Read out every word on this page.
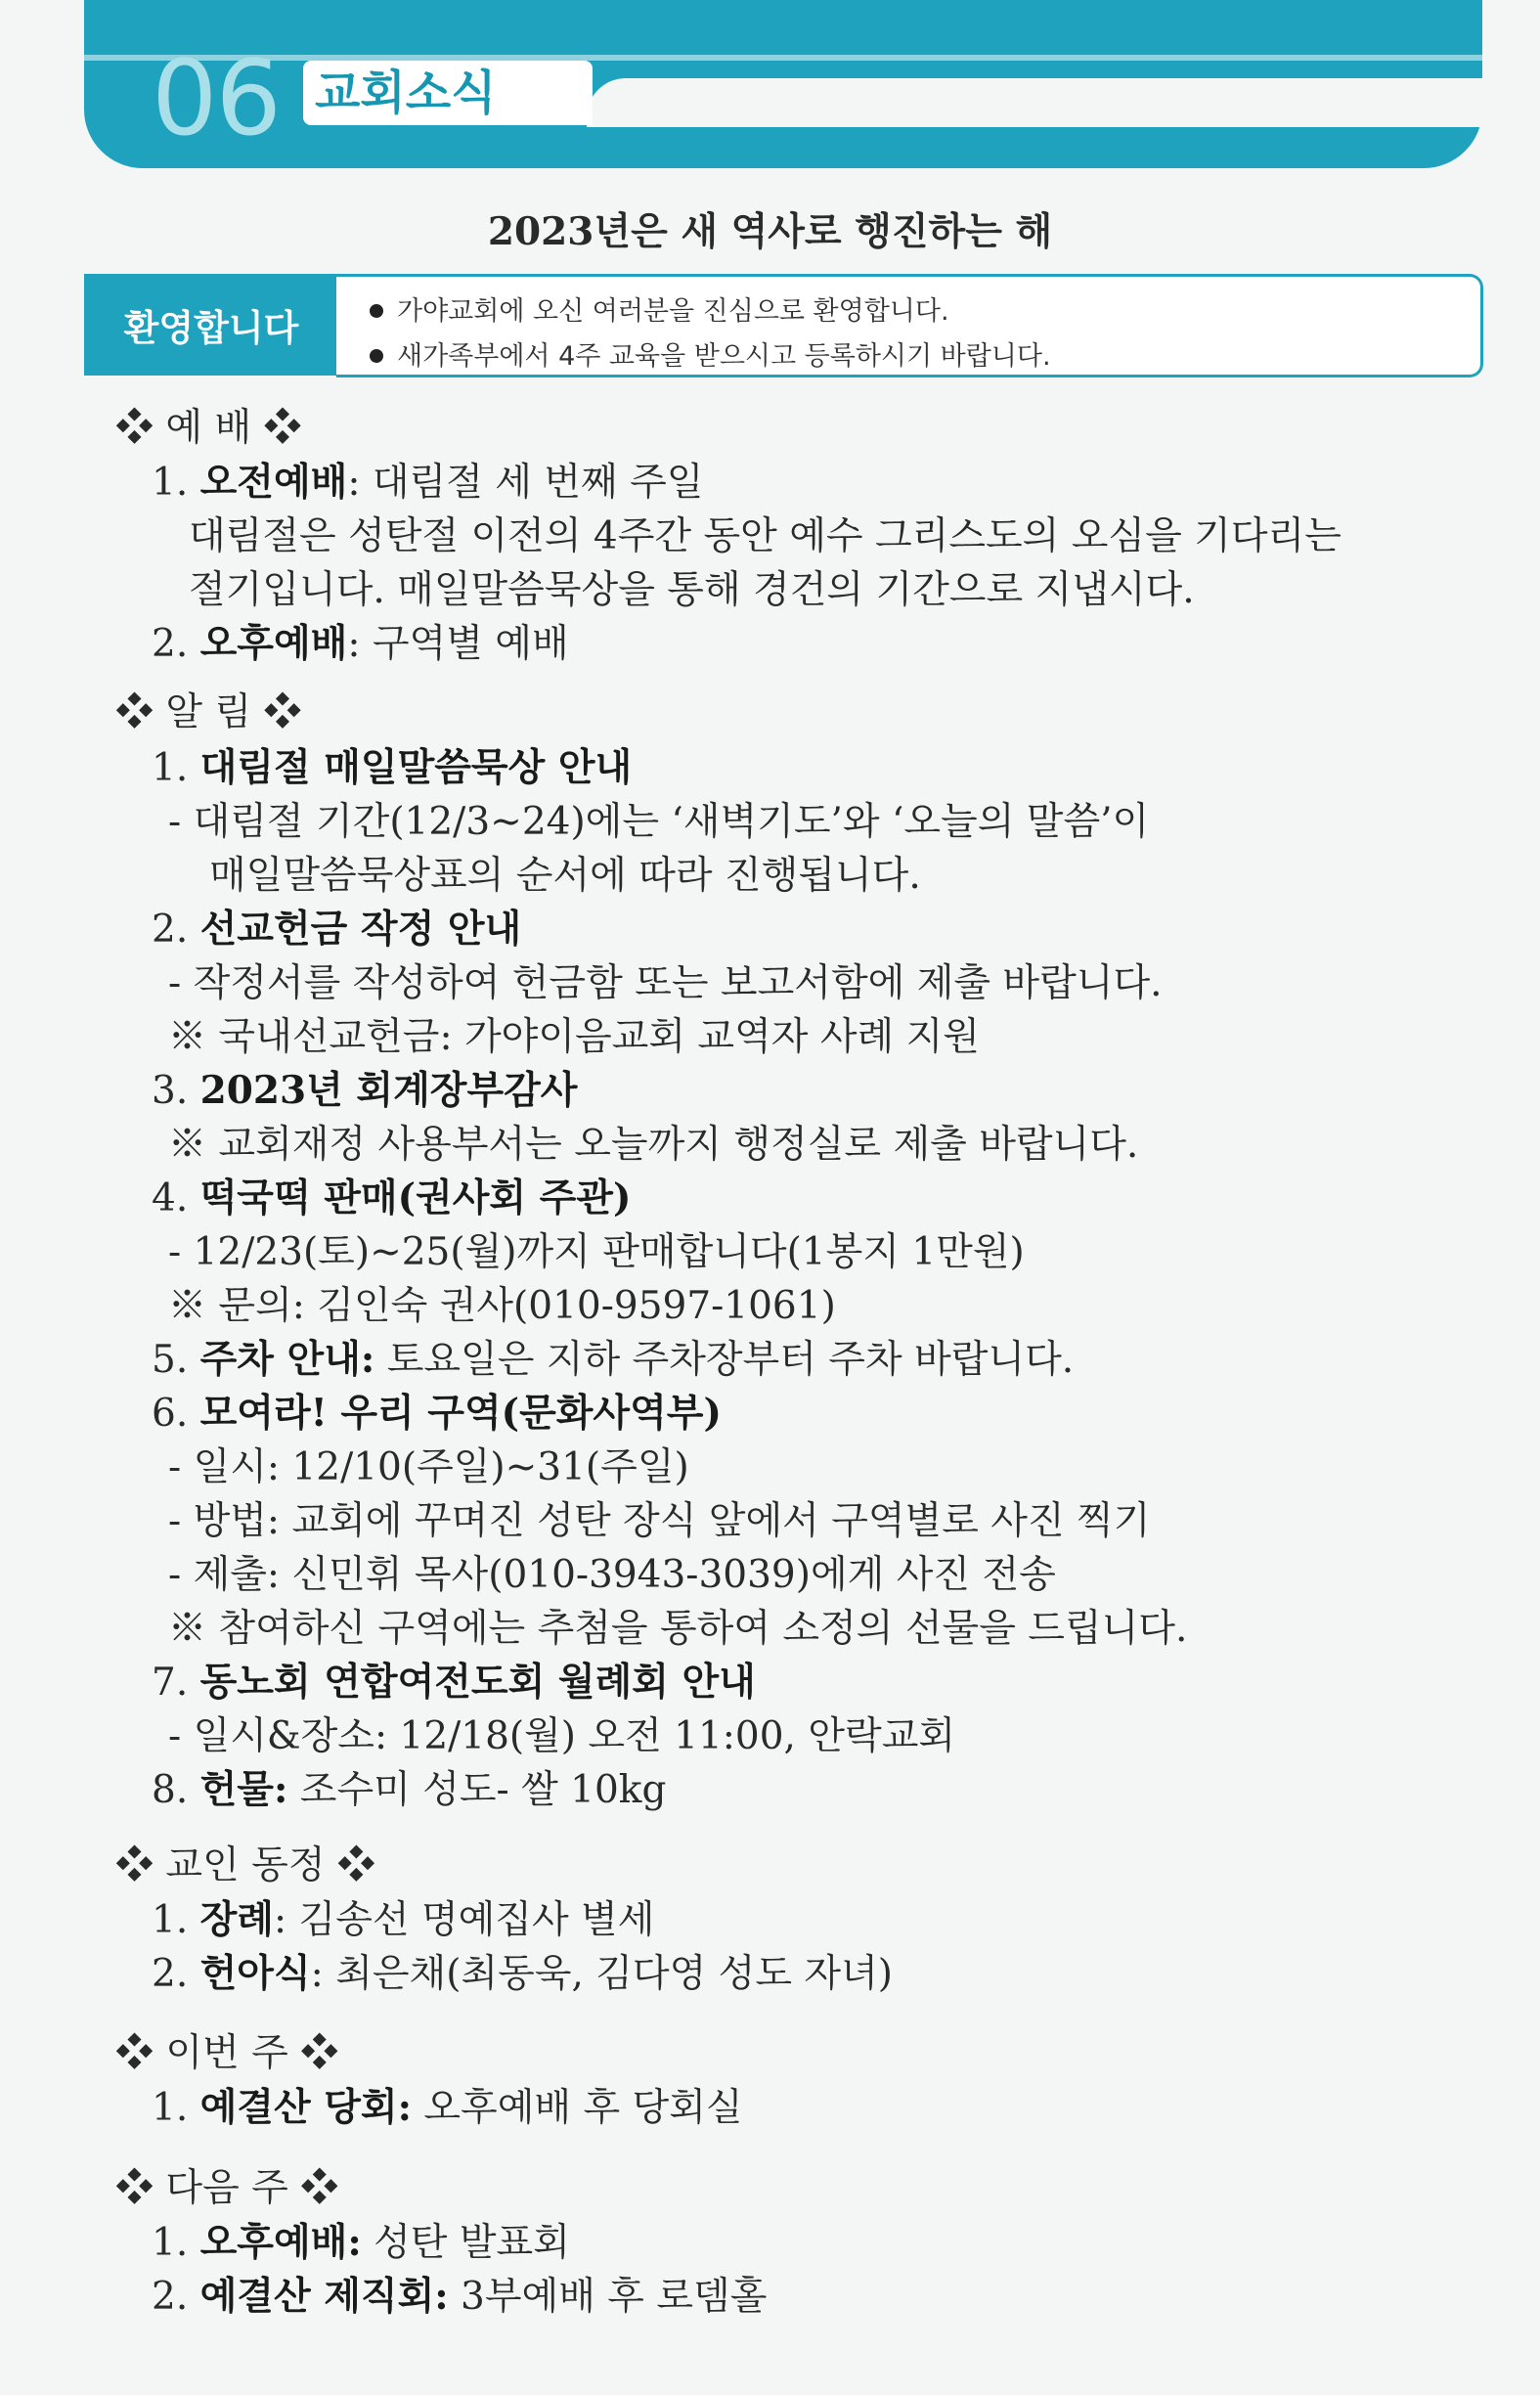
06 교회소식
2023년은 새 역사로 행진하는 해
환영합니다	가야교회에 오신 여러분을 진심으로 환영합니다.
새가족부에서 4주 교육을 받으시고 등록하시기 바랍니다.
❖ 예 배 ❖
1. 오전예배: 대림절 세 번째 주일
대림절은 성탄절 이전의 4주간 동안 예수 그리스도의 오심을 기다리는
절기입니다. 매일말씀묵상을 통해 경건의 기간으로 지냅시다.
2. 오후예배: 구역별 예배
❖ 알 림 ❖
1. 대림절 매일말씀묵상 안내
- 대림절 기간(12/3~24)에는 ‘새벽기도’와 ‘오늘의 말씀’이
매일말씀묵상표의 순서에 따라 진행됩니다.
2. 선교헌금 작정 안내
- 작정서를 작성하여 헌금함 또는 보고서함에 제출 바랍니다.
※ 국내선교헌금: 가야이음교회 교역자 사례 지원
3. 2023년 회계장부감사
※ 교회재정 사용부서는 오늘까지 행정실로 제출 바랍니다.
4. 떡국떡 판매(권사회 주관)
- 12/23(토)~25(월)까지 판매합니다(1봉지 1만원)
※ 문의: 김인숙 권사(010-9597-1061)
5. 주차 안내: 토요일은 지하 주차장부터 주차 바랍니다.
6. 모여라! 우리 구역(문화사역부)
- 일시: 12/10(주일)~31(주일)
- 방법: 교회에 꾸며진 성탄 장식 앞에서 구역별로 사진 찍기
- 제출: 신민휘 목사(010-3943-3039)에게 사진 전송
※ 참여하신 구역에는 추첨을 통하여 소정의 선물을 드립니다.
7. 동노회 연합여전도회 월례회 안내
- 일시&장소: 12/18(월) 오전 11:00, 안락교회
8. 헌물: 조수미 성도- 쌀 10kg
❖ 교인 동정 ❖
1. 장례: 김송선 명예집사 별세
2. 헌아식: 최은채(최동욱, 김다영 성도 자녀)
❖ 이번 주 ❖
1. 예결산 당회: 오후예배 후 당회실
❖ 다음 주 ❖
1. 오후예배: 성탄 발표회
2. 예결산 제직회: 3부예배 후 로뎀홀
